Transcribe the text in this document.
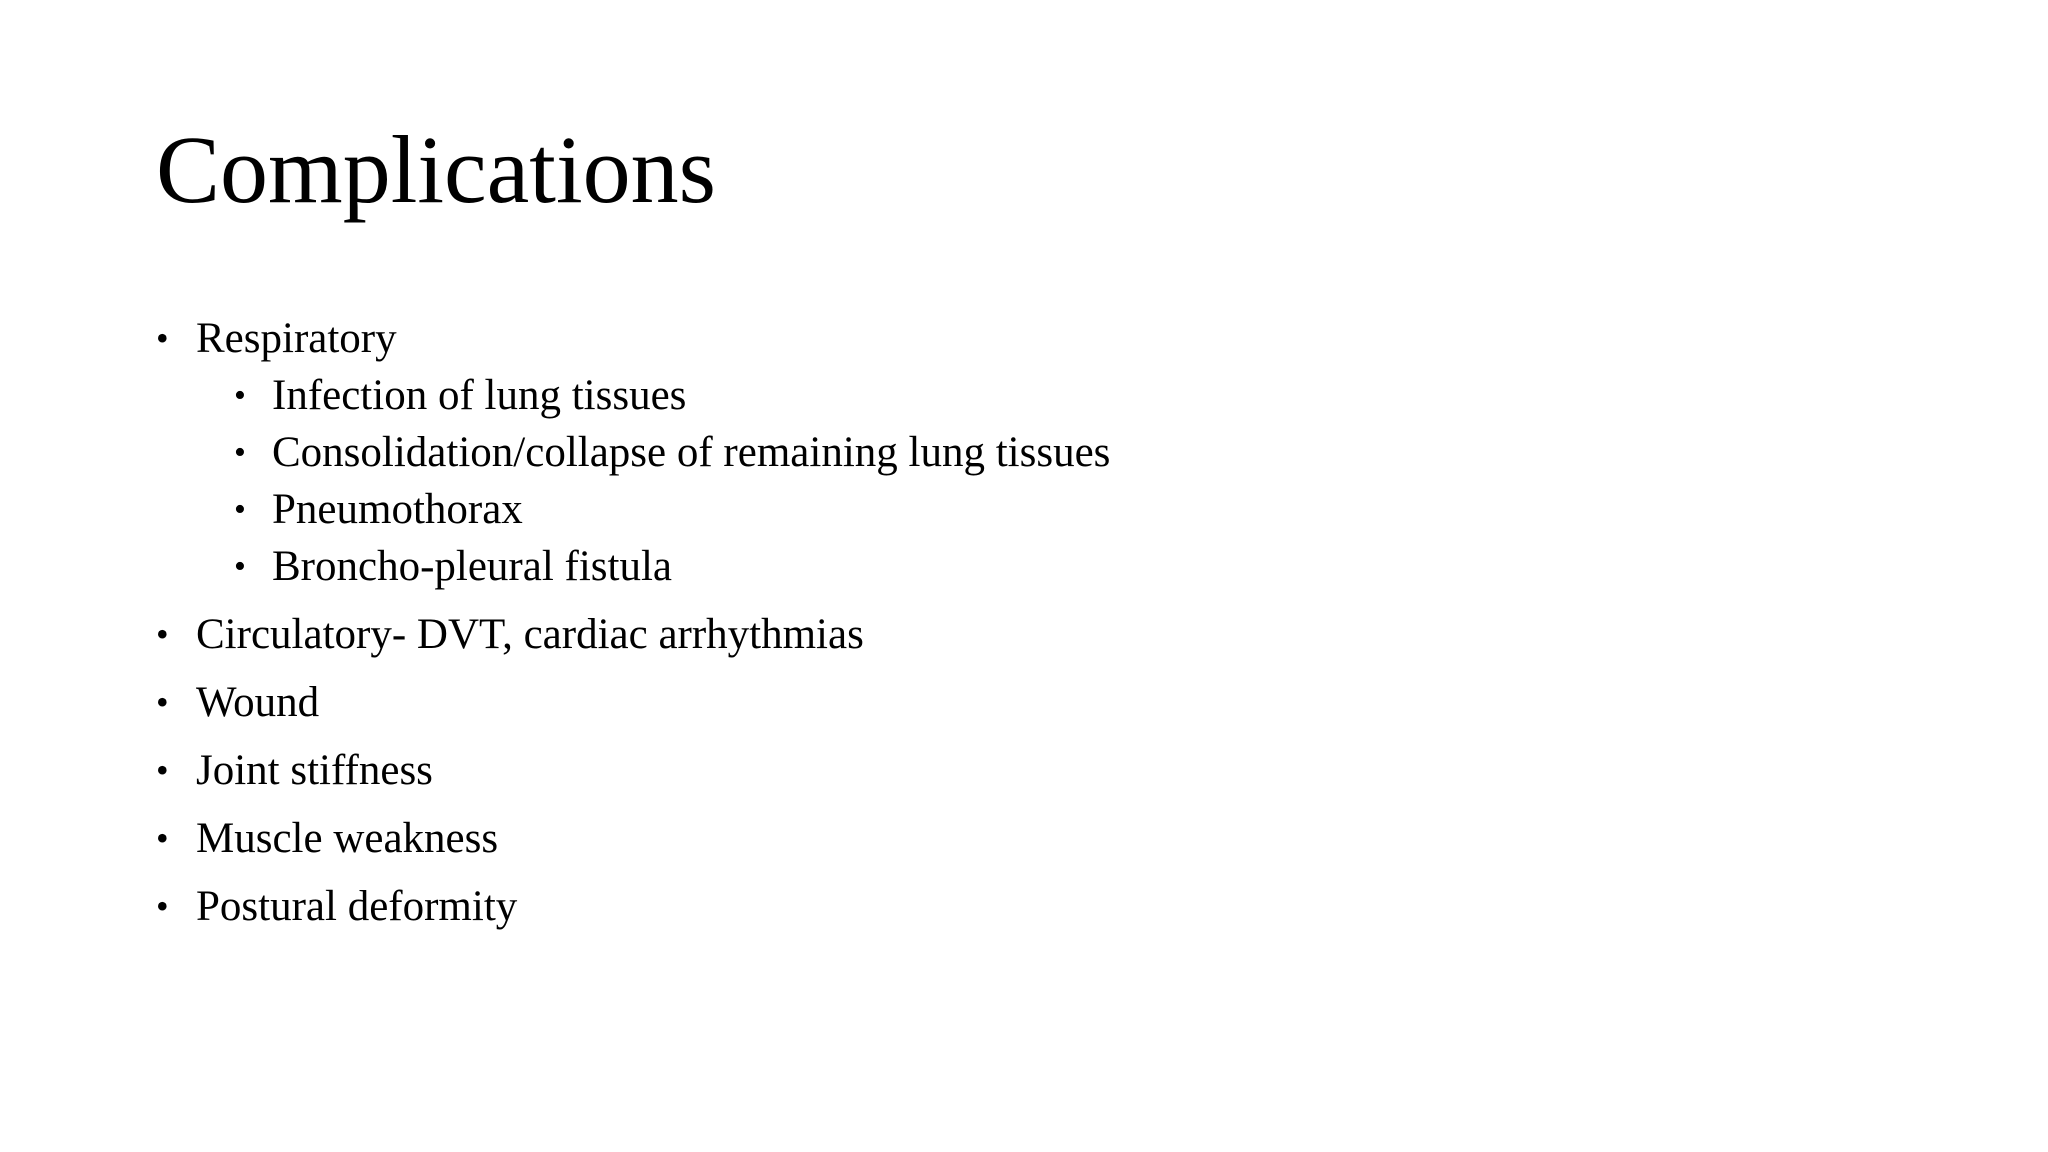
Complications
• Respiratory
• Infection of lung tissues
• Consolidation/collapse of remaining lung tissues
• Pneumothorax
• Broncho-pleural fistula
• Circulatory- DVT, cardiac arrhythmias
• Wound
• Joint stiffness
• Muscle weakness
• Postural deformity
